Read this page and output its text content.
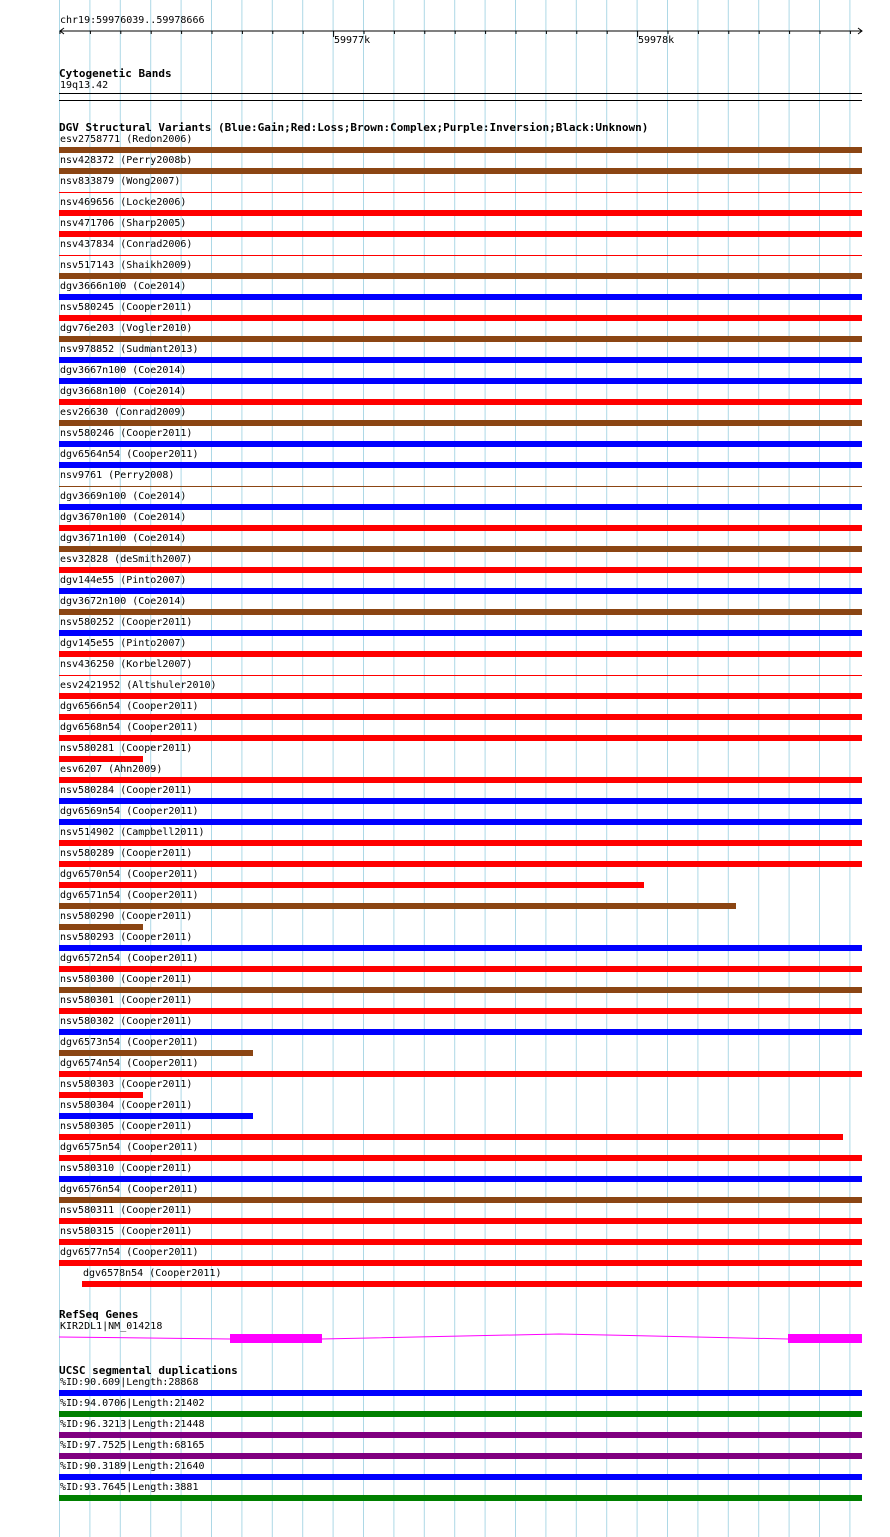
chr19:59976039..59978666
59977k	59978k
Cytogenetic Bands
19q13.42
DGV Structural Variants (Blue:Gain;Red:Loss;Brown:Complex;Purple:Inversion;Black:Unknown)
esv2758771 (Redon2006)
nsv428372 (Perry2008b)
nsv833879 (Wong2007)
nsv469656 (Locke2006)
nsv471706 (Sharp2005)
nsv437834 (Conrad2006)
nsv517143 (Shaikh2009)
dgv3666n100 (Coe2014)
nsv580245 (Cooper2011)
dgv76e203 (Vogler2010)
nsv978852 (Sudmant2013)
dgv3667n100 (Coe2014)
dgv3668n100 (Coe2014)
esv26630 (Conrad2009)
nsv580246 (Cooper2011)
dgv6564n54 (Cooper2011)
nsv9761 (Perry2008)
dgv3669n100 (Coe2014)
dgv3670n100 (Coe2014)
dgv3671n100 (Coe2014)
esv32828 (deSmith2007)
dgv144e55 (Pinto2007)
dgv3672n100 (Coe2014)
nsv580252 (Cooper2011)
dgv145e55 (Pinto2007)
nsv436250 (Korbel2007)
esv2421952 (Altshuler2010)
dgv6566n54 (Cooper2011)
dgv6568n54 (Cooper2011)
nsv580281 (Cooper2011)
esv6207 (Ahn2009)
nsv580284 (Cooper2011)
dgv6569n54 (Cooper2011)
nsv514902 (Campbell2011)
nsv580289 (Cooper2011)
dgv6570n54 (Cooper2011)
dgv6571n54 (Cooper2011)
nsv580290 (Cooper2011)
nsv580293 (Cooper2011)
dgv6572n54 (Cooper2011)
nsv580300 (Cooper2011)
nsv580301 (Cooper2011)
nsv580302 (Cooper2011)
dgv6573n54 (Cooper2011)
dgv6574n54 (Cooper2011)
nsv580303 (Cooper2011)
nsv580304 (Cooper2011)
nsv580305 (Cooper2011)
dgv6575n54 (Cooper2011)
nsv580310 (Cooper2011)
dgv6576n54 (Cooper2011)
nsv580311 (Cooper2011)
nsv580315 (Cooper2011)
dgv6577n54 (Cooper2011)
dgv6578n54 (Cooper2011)
RefSeq Genes
KIR2DL1|NM_014218
UCSC segmental duplications
%ID:90.609|Length:28868
%ID:94.0706|Length:21402
%ID:96.3213|Length:21448
%ID:97.7525|Length:68165
%ID:90.3189|Length:21640
%ID:93.7645|Length:3881
